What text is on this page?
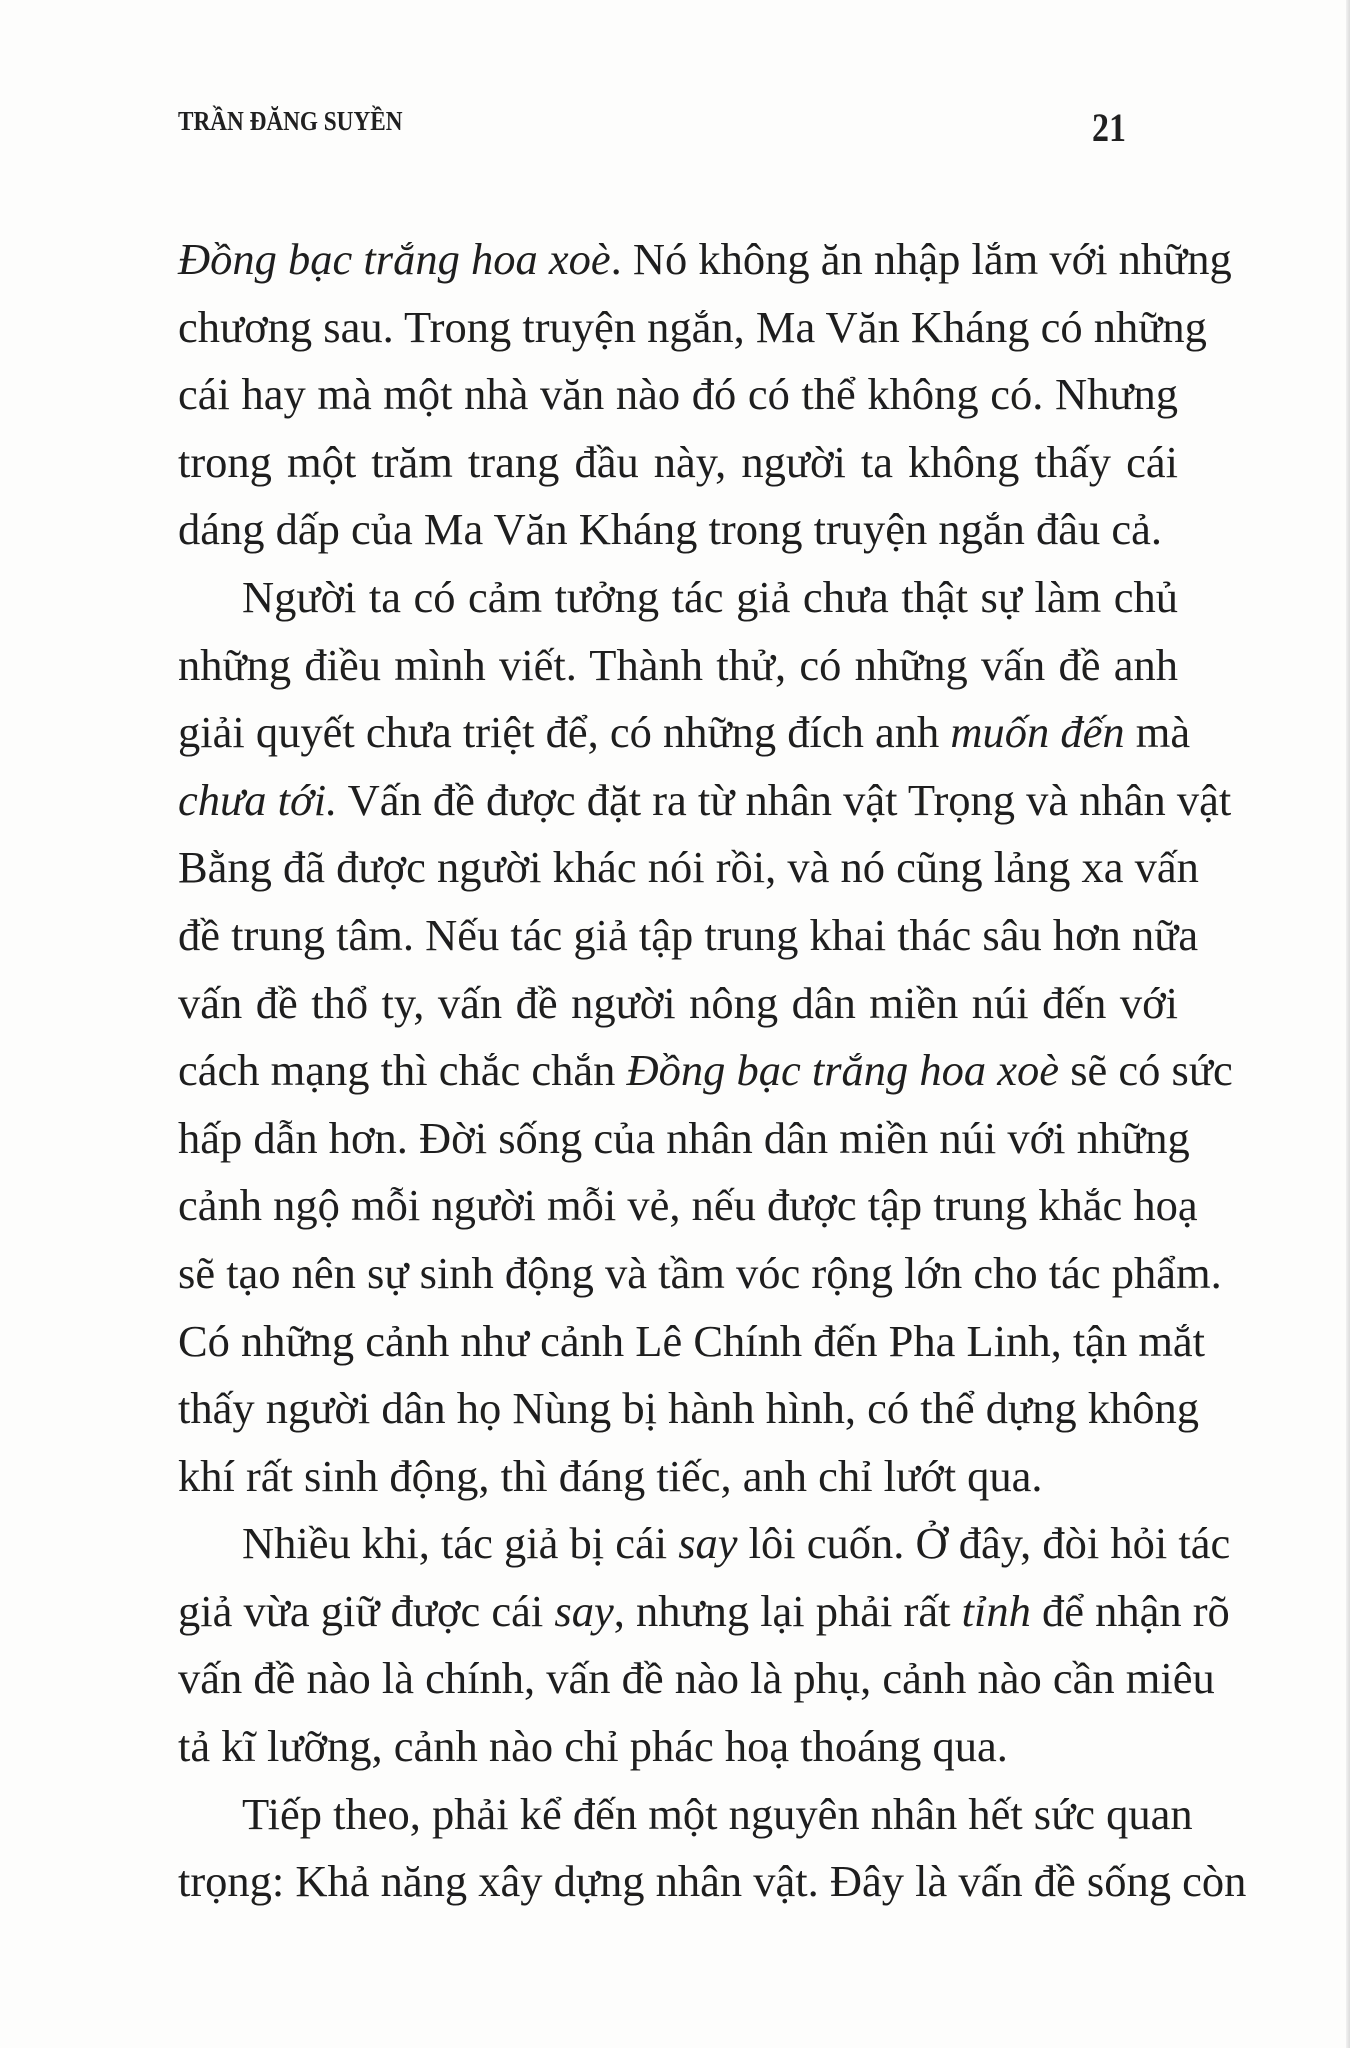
TRẦN ĐĂNG SUYỀN	21
Đồng bạc trắng hoa xoè. Nó không ăn nhập lắm với những
chương sau. Trong truyện ngắn, Ma Văn Kháng có những
cái hay mà một nhà văn nào đó có thể không có. Nhưng
trong một trăm trang đầu này, người ta không thấy cái
dáng dấp của Ma Văn Kháng trong truyện ngắn đâu cả.
Người ta có cảm tưởng tác giả chưa thật sự làm chủ
những điều mình viết. Thành thử, có những vấn đề anh
giải quyết chưa triệt để, có những đích anh muốn đến mà
chưa tới. Vấn đề được đặt ra từ nhân vật Trọng và nhân vật
Bằng đã được người khác nói rồi, và nó cũng lảng xa vấn
đề trung tâm. Nếu tác giả tập trung khai thác sâu hơn nữa
vấn đề thổ ty, vấn đề người nông dân miền núi đến với
cách mạng thì chắc chắn Đồng bạc trắng hoa xoè sẽ có sức
hấp dẫn hơn. Đời sống của nhân dân miền núi với những
cảnh ngộ mỗi người mỗi vẻ, nếu được tập trung khắc hoạ
sẽ tạo nên sự sinh động và tầm vóc rộng lớn cho tác phẩm.
Có những cảnh như cảnh Lê Chính đến Pha Linh, tận mắt
thấy người dân họ Nùng bị hành hình, có thể dựng không
khí rất sinh động, thì đáng tiếc, anh chỉ lướt qua.
Nhiều khi, tác giả bị cái say lôi cuốn. Ở đây, đòi hỏi tác
giả vừa giữ được cái say, nhưng lại phải rất tỉnh để nhận rõ
vấn đề nào là chính, vấn đề nào là phụ, cảnh nào cần miêu
tả kĩ lưỡng, cảnh nào chỉ phác hoạ thoáng qua.
Tiếp theo, phải kể đến một nguyên nhân hết sức quan
trọng: Khả năng xây dựng nhân vật. Đây là vấn đề sống còn
